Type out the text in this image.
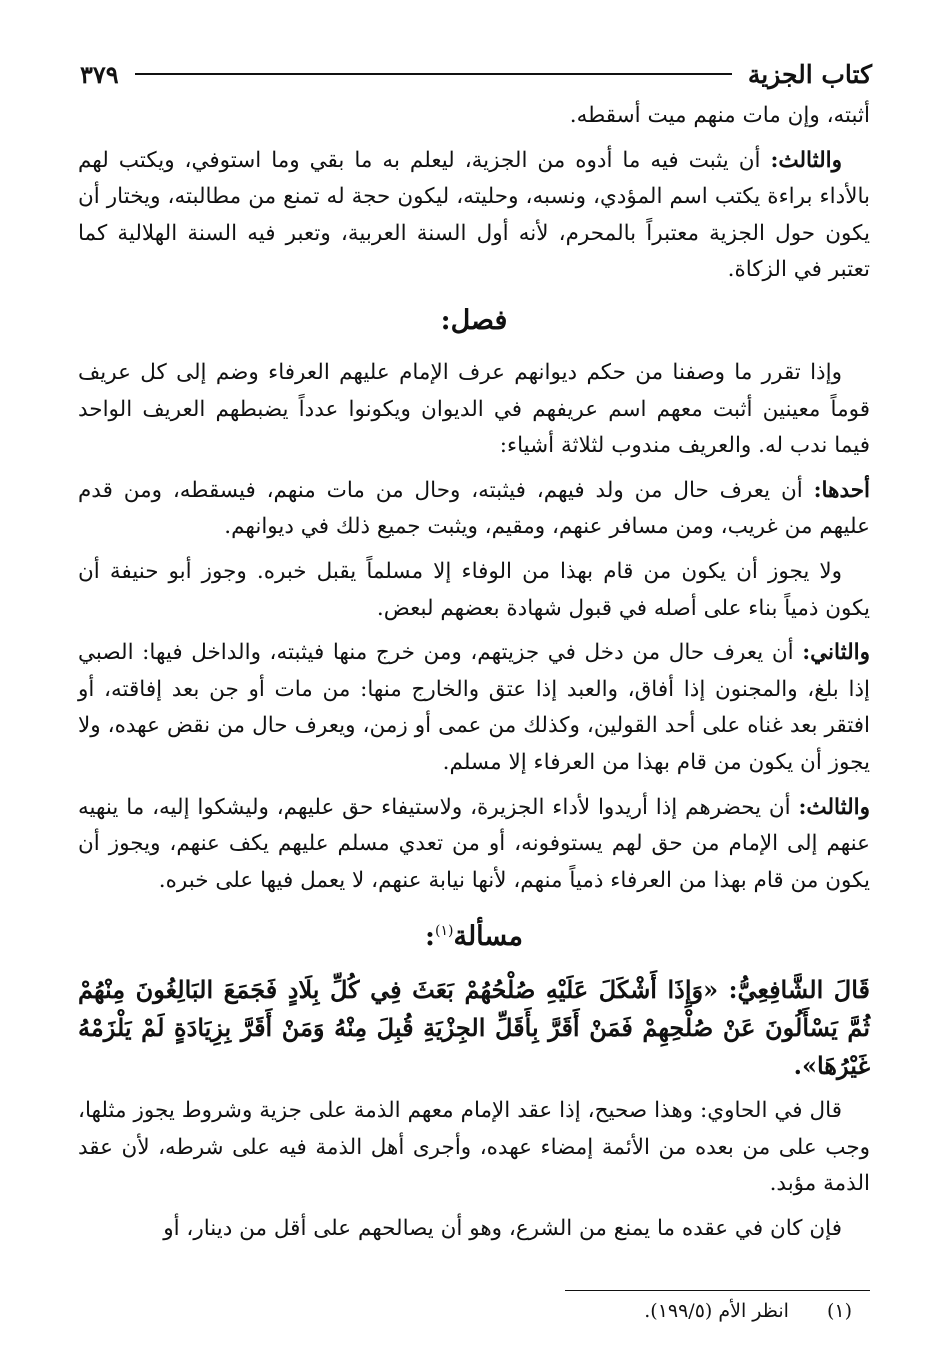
كتاب الجزية
٣٧٩

أثبته، وإن مات منهم ميت أسقطه.

والثالث: أن يثبت فيه ما أدوه من الجزية، ليعلم به ما بقي وما استوفي، ويكتب لهم بالأداء براءة يكتب اسم المؤدي، ونسبه، وحليته، ليكون حجة له تمنع من مطالبته، ويختار أن يكون حول الجزية معتبراً بالمحرم، لأنه أول السنة العربية، وتعبر فيه السنة الهلالية كما تعتبر في الزكاة.

فصل:

وإذا تقرر ما وصفنا من حكم ديوانهم عرف الإمام عليهم العرفاء وضم إلى كل عريف قوماً معينين أثبت معهم اسم عريفهم في الديوان ويكونوا عدداً يضبطهم العريف الواحد فيما ندب له. والعريف مندوب لثلاثة أشياء:

أحدها: أن يعرف حال من ولد فيهم، فيثبته، وحال من مات منهم، فيسقطه، ومن قدم عليهم من غريب، ومن مسافر عنهم، ومقيم، ويثبت جميع ذلك في ديوانهم.

ولا يجوز أن يكون من قام بهذا من الوفاء إلا مسلماً يقبل خبره. وجوز أبو حنيفة أن يكون ذمياً بناء على أصله في قبول شهادة بعضهم لبعض.

والثاني: أن يعرف حال من دخل في جزيتهم، ومن خرج منها فيثبته، والداخل فيها: الصبي إذا بلغ، والمجنون إذا أفاق، والعبد إذا عتق والخارج منها: من مات أو جن بعد إفاقته، أو افتقر بعد غناه على أحد القولين، وكذلك من عمى أو زمن، ويعرف حال من نقض عهده، ولا يجوز أن يكون من قام بهذا من العرفاء إلا مسلم.

والثالث: أن يحضرهم إذا أريدوا لأداء الجزيرة، ولاستيفاء حق عليهم، وليشكوا إليه، ما ينهيه عنهم إلى الإمام من حق لهم يستوفونه، أو من تعدي مسلم عليهم يكف عنهم، ويجوز أن يكون من قام بهذا من العرفاء ذمياً منهم، لأنها نيابة عنهم، لا يعمل فيها على خبره.

مسألة$^{(١)}$:

قَالَ الشَّافِعِيُّ: «وَإِذَا أَشْكَلَ عَلَيْهِ صُلْحُهُمْ بَعَثَ فِي كُلِّ بِلَادٍ فَجَمَعَ البَالِغُونَ مِنْهُمْ ثُمَّ يَسْأَلُونَ عَنْ صُلْحِهِمْ فَمَنْ أَقَرَّ بِأَقَلِّ الجِزْيَةِ قُبِلَ مِنْهُ وَمَنْ أَقَرَّ بِزِيَادَةٍ لَمْ يَلْزَمْهُ غَيْرُهَا».

قال في الحاوي: وهذا صحيح، إذا عقد الإمام معهم الذمة على جزية وشروط يجوز مثلها، وجب على من بعده من الأئمة إمضاء عهده، وأجرى أهل الذمة فيه على شرطه، لأن عقد الذمة مؤبد.

فإن كان في عقده ما يمنع من الشرع، وهو أن يصالحهم على أقل من دينار، أو

(١)انظر الأم (١٩٩/٥).
